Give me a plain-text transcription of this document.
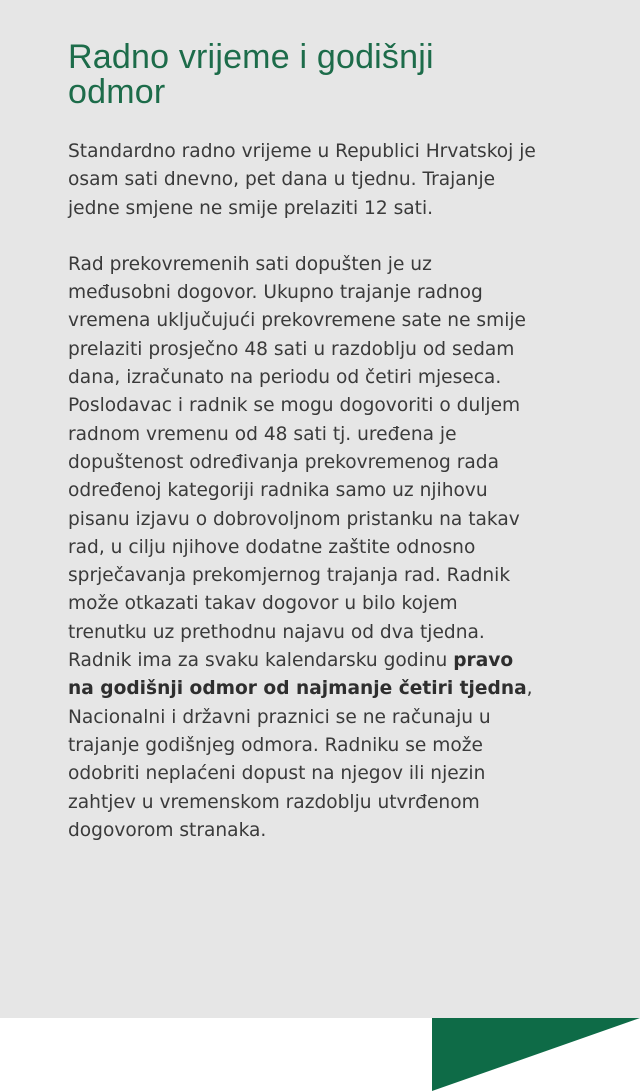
Radno vrijeme i godišnji odmor

Standardno radno vrijeme u Republici Hrvatskoj je osam sati dnevno, pet dana u tjednu. Trajanje jedne smjene ne smije prelaziti 12 sati.

Rad prekovremenih sati dopušten je uz međusobni dogovor. Ukupno trajanje radnog vremena uključujući prekovremene sate ne smije prelaziti prosječno 48 sati u razdoblju od sedam dana, izračunato na periodu od četiri mjeseca. Poslodavac i radnik se mogu dogovoriti o duljem radnom vremenu od 48 sati tj. uređena je dopuštenost određivanja prekovremenog rada određenoj kategoriji radnika samo uz njihovu pisanu izjavu o dobrovoljnom pristanku na takav rad, u cilju njihove dodatne zaštite odnosno sprječavanja prekomjernog trajanja rad. Radnik može otkazati takav dogovor u bilo kojem trenutku uz prethodnu najavu od dva tjedna.
Radnik ima za svaku kalendarsku godinu pravo na godišnji odmor od najmanje četiri tjedna, Nacionalni i državni praznici se ne računaju u trajanje godišnjeg odmora. Radniku se može odobriti neplaćeni dopust na njegov ili njezin zahtjev u vremenskom razdoblju utvrđenom dogovorom stranaka.
